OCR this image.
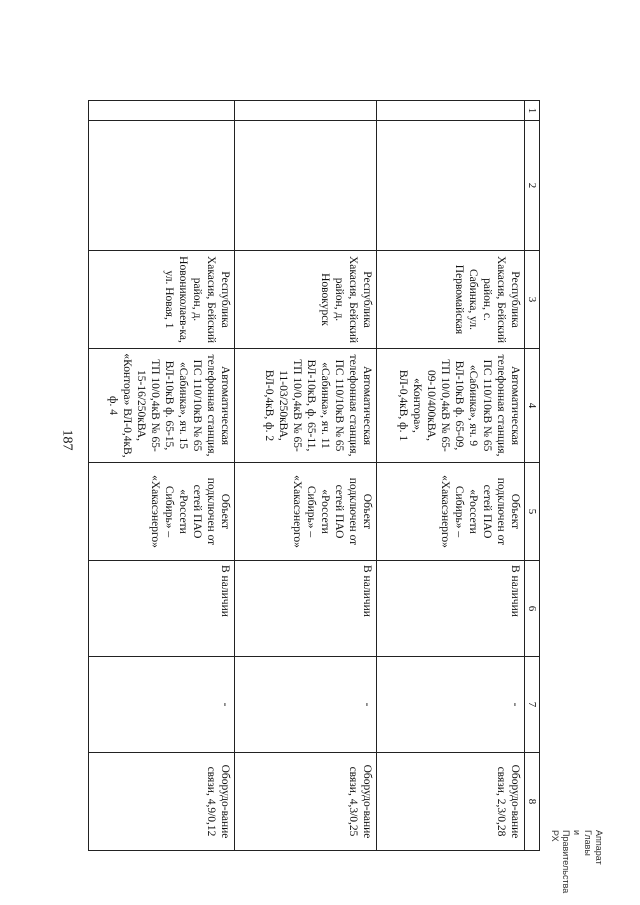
187
Аппарат Главы
и Правительства РХ
1	2	3	4	5	6	7	8
		Республика Хакасия, Бейский район, с. Сабинка, ул. Первомайская	Автоматическая телефонная станция, ПС 110/10кВ № 65 «Сабинка», яч. 9 ВЛ-10кВ ф. 65-09, ТП 10/0,4кВ № 65-09-10/400кВА, «Контора», ВЛ-0,4кВ, ф. 1	Объект подключен от сетей ПАО «Россети Сибирь» – «Хакасэнерго»	В наличии	-	Оборудо-вание связи, 2,3/0,28
		Республика Хакасия, Бейский район, д. Новокурск	Автоматическая телефонная станция, ПС 110/10кВ № 65 «Сабинка», яч. 11 ВЛ-10кВ, ф. 65-11, ТП 10/0,4кВ № 65-11-03/250кВА, ВЛ-0,4кВ, ф. 2	Объект подключен от сетей ПАО «Россети Сибирь» – «Хакасэнерго»	В наличии	-	Оборудо-вание связи, 4,3/0,25
		Республика Хакасия, Бейский район, д. Новониколаев-ка, ул. Новая, 1	Автоматическая телефонная станция, ПС 110/10кВ № 65 «Сабинка», яч. 15 ВЛ-10кВ ф. 65-15, ТП 10/0,4кВ № 65-15-16/250кВА, «Контора» ВЛ-0,4кВ, ф. 4	Объект подключен от сетей ПАО «Россети Сибирь» – «Хакасэнерго»	В наличии	-	Оборудо-вание связи, 4,9/0,12
